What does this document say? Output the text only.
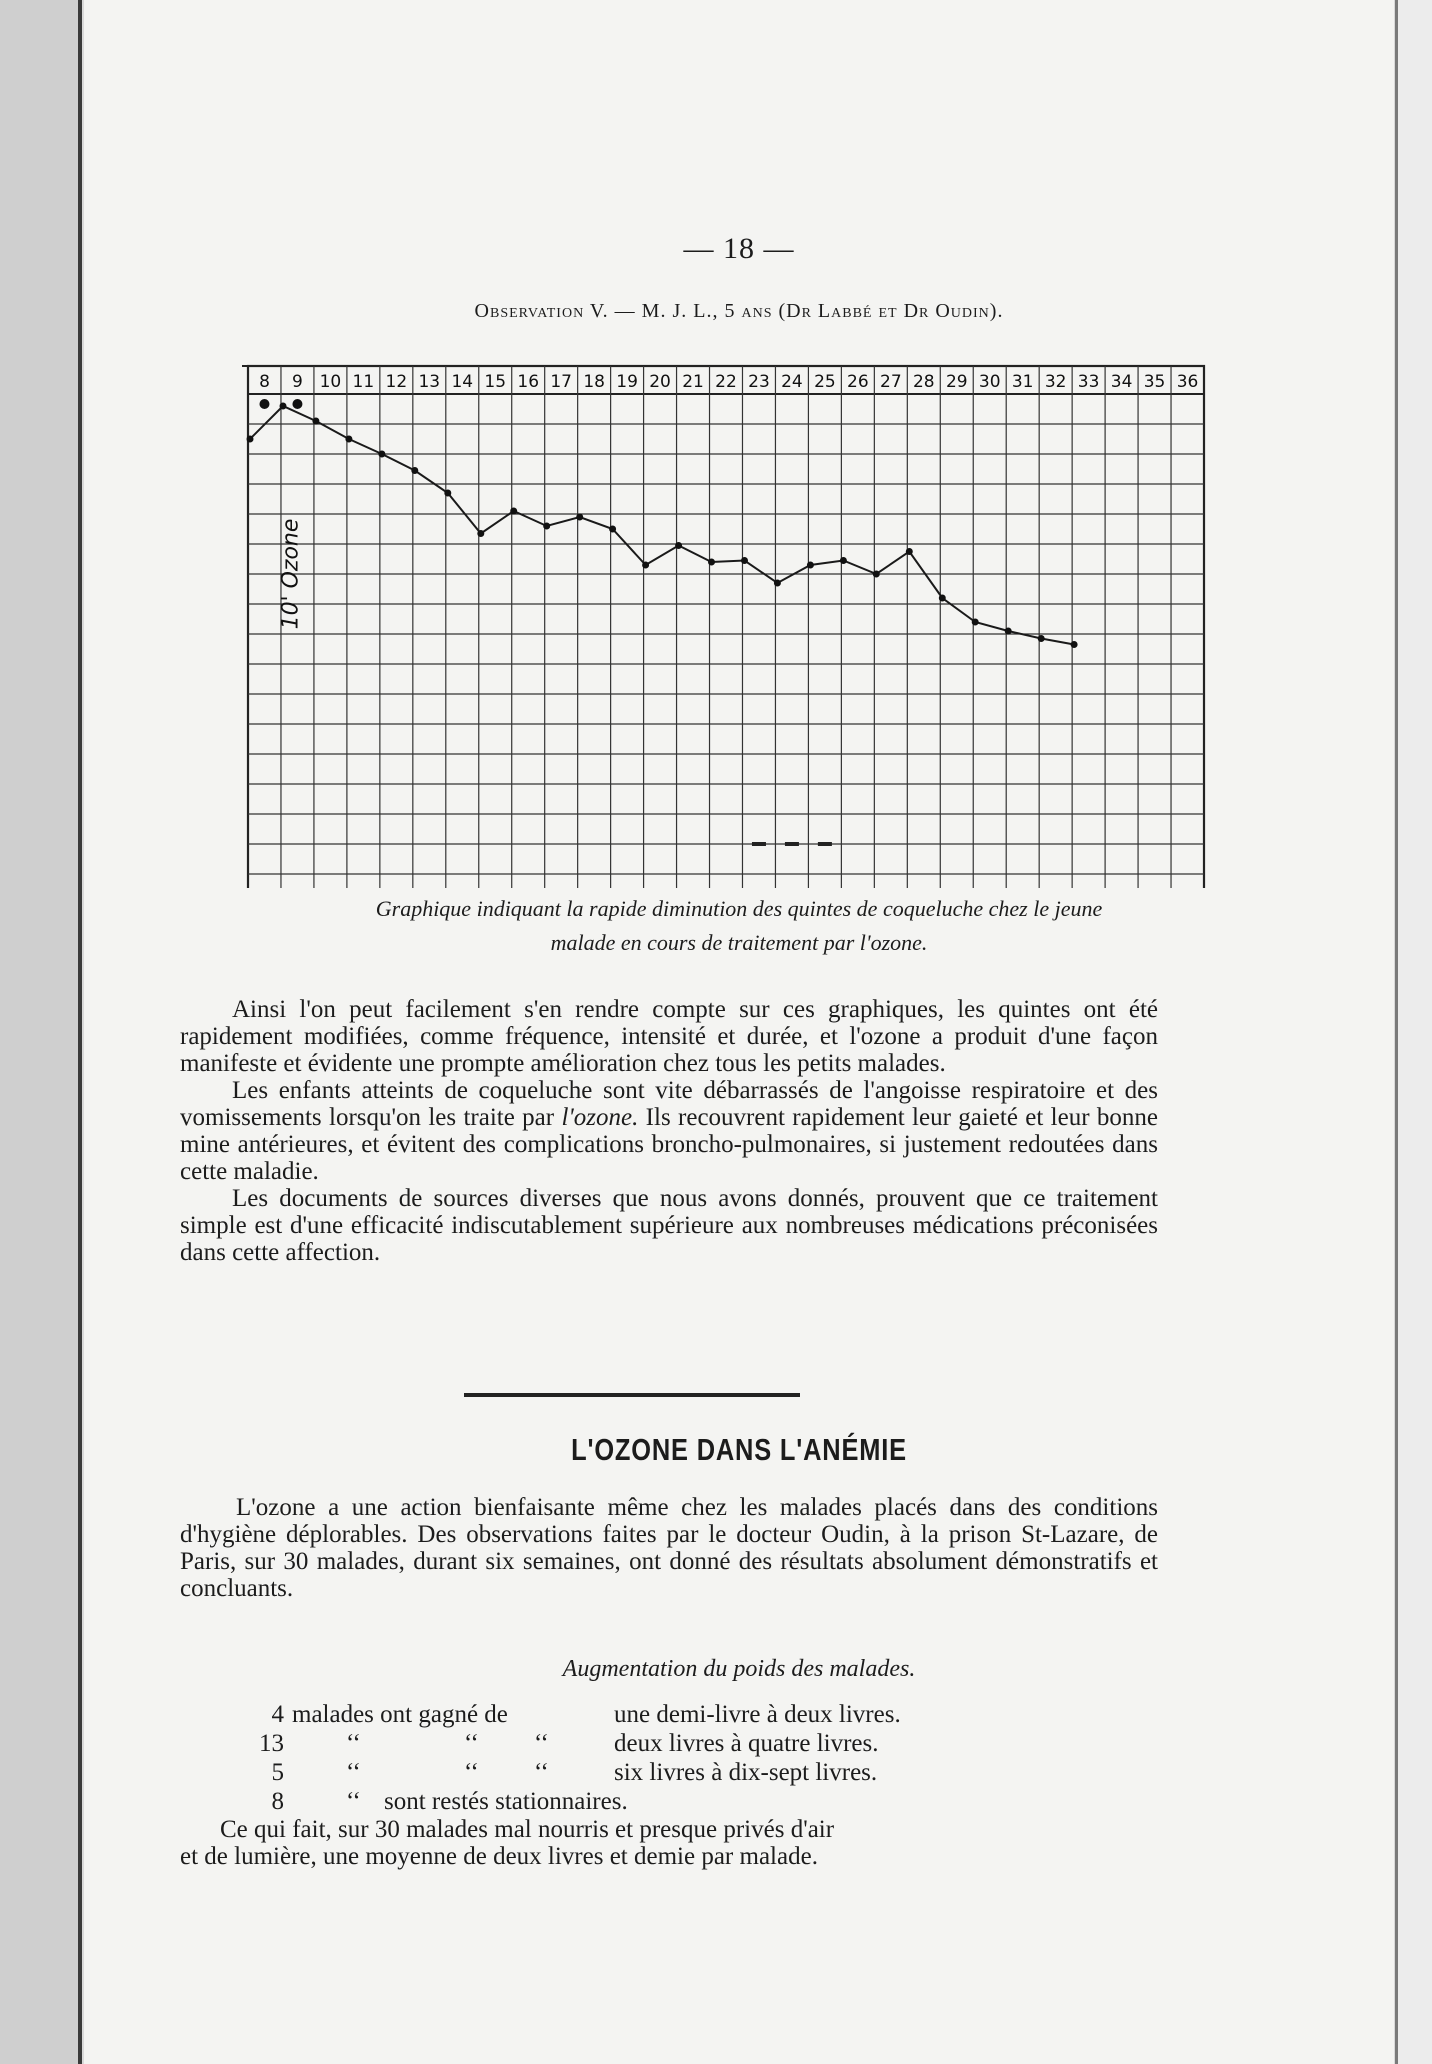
— 18 —
Observation V. — M. J. L., 5 ans (Dr Labbé et Dr Oudin).
8 9 10 11 12 13 14 15 16 17 18 19 20 21 22 23 24 25 26 27 28 29 30 31 32 33 34 35 36
10' Ozone
Graphique indiquant la rapide diminution des quintes de coqueluche chez le jeune
malade en cours de traitement par l'ozone.

Ainsi l'on peut facilement s'en rendre compte sur ces graphiques, les quintes ont été rapidement modifiées, comme fréquence, intensité et durée, et l'ozone a produit d'une façon manifeste et évidente une prompte amélioration chez tous les petits malades.

Les enfants atteints de coqueluche sont vite débarrassés de l'angoisse respiratoire et des vomissements lorsqu'on les traite par l'ozone. Ils recouvrent rapidement leur gaieté et leur bonne mine antérieures, et évitent des complications broncho-pulmonaires, si justement redoutées dans cette maladie.

Les documents de sources diverses que nous avons donnés, prouvent que ce traitement simple est d'une efficacité indiscutablement supérieure aux nombreuses médications préconisées dans cette affection.

L'OZONE DANS L'ANÉMIE

L'ozone a une action bienfaisante même chez les malades placés dans des conditions d'hygiène déplorables. Des observations faites par le docteur Oudin, à la prison St-Lazare, de Paris, sur 30 malades, durant six semaines, ont donné des résultats absolument démonstratifs et concluants.

Augmentation du poids des malades.
4 malades ont gagné de	une demi-livre à deux livres.
13	‘‘	‘‘ ‘‘	deux livres à quatre livres.
5	‘‘	‘‘ ‘‘	six livres à dix-sept livres.
8	‘‘ sont restés stationnaires.

Ce qui fait, sur 30 malades mal nourris et presque privés d'air

et de lumière, une moyenne de deux livres et demie par malade.
